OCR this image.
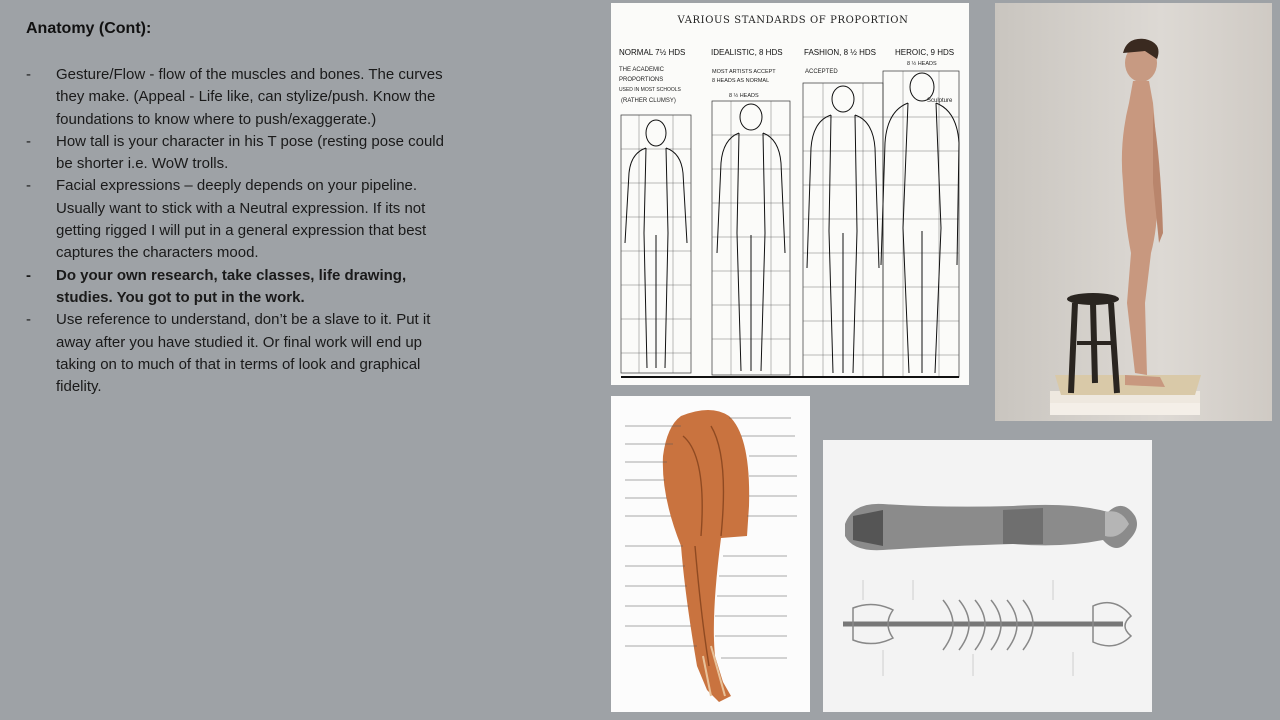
Anatomy (Cont):
- Gesture/Flow - flow of the muscles and bones. The curves they make. (Appeal - Life like, can stylize/push. Know the foundations to know where to push/exaggerate.)
- How tall is your character in his T pose (resting pose could be shorter i.e. WoW trolls.
- Facial expressions – deeply depends on your pipeline. Usually want to stick with a Neutral expression. If its not getting rigged I will put in a general expression that best captures the characters mood.
- Do your own research, take classes, life drawing, studies. You got to put in the work.
- Use reference to understand, don’t be a slave to it. Put it away after you have studied it. Or final work will end up taking on to much of that in terms of look and graphical fidelity.
VARIOUS STANDARDS OF PROPORTION
NORMAL 7½ HDS	IDEALISTIC, 8 HDS	FASHION, 8 ½ HDS HEROIC, 9 HDS
THE ACADEMIC
PROPORTIONS
USED IN MOST SCHOOLS
(RATHER CLUMSY)
MOST ARTISTS ACCEPT
8 HEADS AS NORMAL
8 ½ HEADS
ACCEPTED
8 ½ HEADS
Sculpture
